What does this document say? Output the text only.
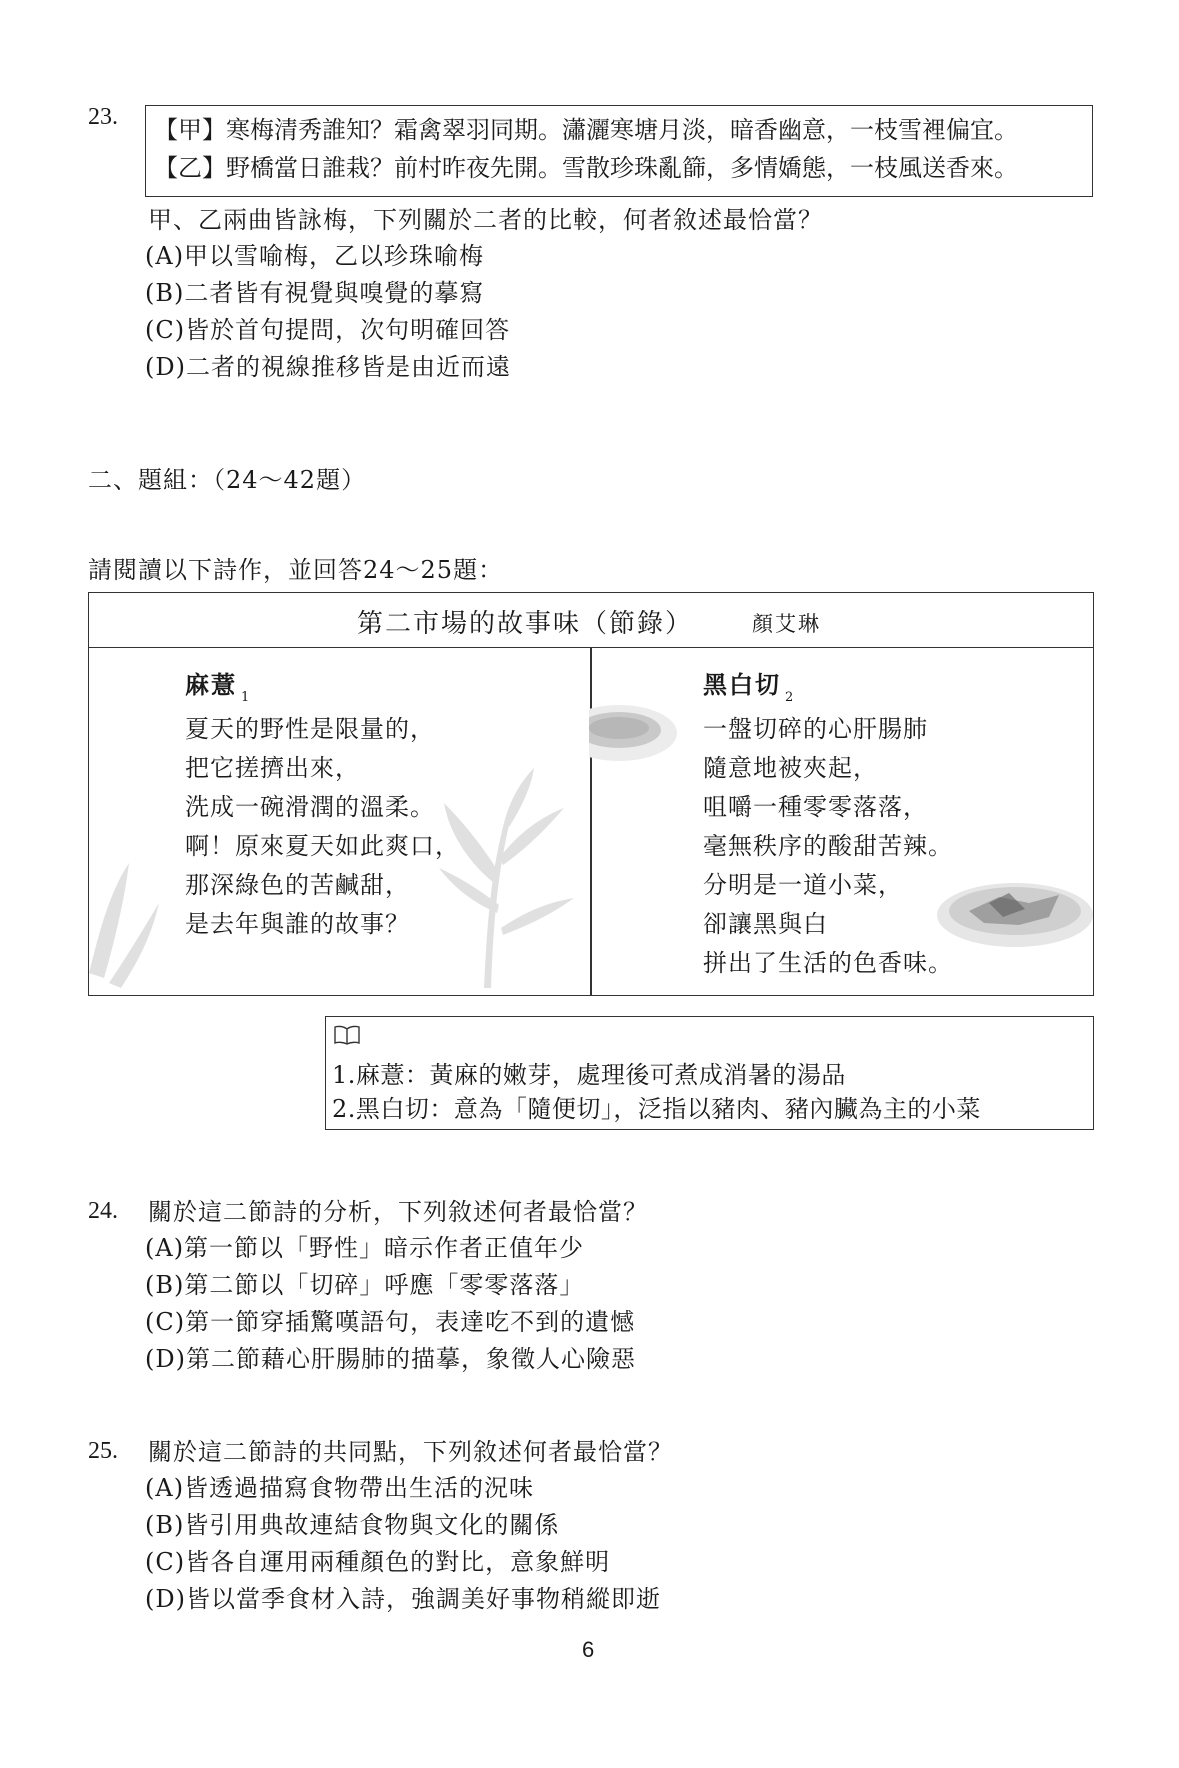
23. 【甲】寒梅清秀誰知？霜禽翠羽同期。瀟灑寒塘月淡，暗香幽意，一枝雪裡偏宜。
【乙】野橋當日誰栽？前村昨夜先開。雪散珍珠亂篩，多情嬌態，一枝風送香來。
甲、乙兩曲皆詠梅，下列關於二者的比較，何者敘述最恰當？
(A)甲以雪喻梅，乙以珍珠喻梅
(B)二者皆有視覺與嗅覺的摹寫
(C)皆於首句提問，次句明確回答
(D)二者的視線推移皆是由近而遠
二、題組：（24～42題）
請閱讀以下詩作，並回答24～25題：
第二市場的故事味（節錄）	顏艾琳
麻薏 $_1$
夏天的野性是限量的，
把它搓擠出來，
洗成一碗滑潤的溫柔。
啊！原來夏天如此爽口，
那深綠色的苦鹹甜，
是去年與誰的故事？
黑白切 $_2$
一盤切碎的心肝腸肺
隨意地被夾起，
咀嚼一種零零落落，
毫無秩序的酸甜苦辣。
分明是一道小菜，
卻讓黑與白
拼出了生活的色香味。
1.麻薏：黃麻的嫩芽，處理後可煮成消暑的湯品
2.黑白切：意為「隨便切」，泛指以豬肉、豬內臟為主的小菜
24. 關於這二節詩的分析，下列敘述何者最恰當？
(A)第一節以「野性」暗示作者正值年少
(B)第二節以「切碎」呼應「零零落落」
(C)第一節穿插驚嘆語句，表達吃不到的遺憾
(D)第二節藉心肝腸肺的描摹，象徵人心險惡
25. 關於這二節詩的共同點，下列敘述何者最恰當？
(A)皆透過描寫食物帶出生活的況味
(B)皆引用典故連結食物與文化的關係
(C)皆各自運用兩種顏色的對比，意象鮮明
(D)皆以當季食材入詩，強調美好事物稍縱即逝
6
